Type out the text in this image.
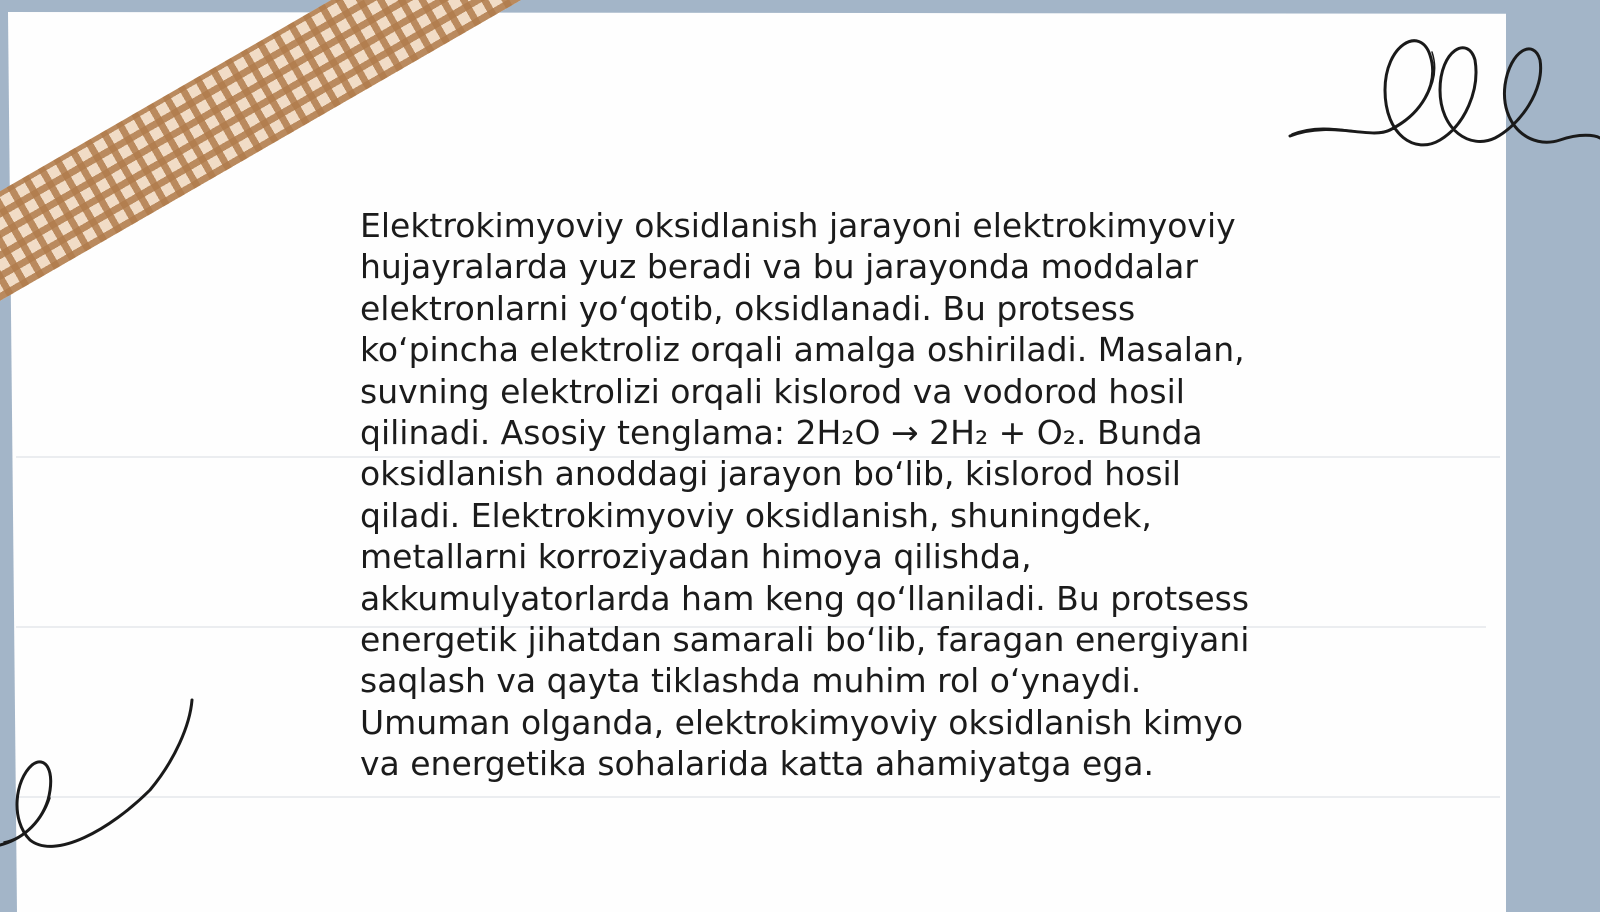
Elektrokimyoviy oksidlanish jarayoni elektrokimyoviy
hujayralarda yuz beradi va bu jarayonda moddalar
elektronlarni yo‘qotib, oksidlanadi. Bu protsess
ko‘pincha elektroliz orqali amalga oshiriladi. Masalan,
suvning elektrolizi orqali kislorod va vodorod hosil
qilinadi. Asosiy tenglama: 2H₂O → 2H₂ + O₂. Bunda
oksidlanish anoddagi jarayon bo‘lib, kislorod hosil
qiladi. Elektrokimyoviy oksidlanish, shuningdek,
metallarni korroziyadan himoya qilishda,
akkumulyatorlarda ham keng qo‘llaniladi. Bu protsess
energetik jihatdan samarali bo‘lib, faragan energiyani
saqlash va qayta tiklashda muhim rol o‘ynaydi.
Umuman olganda, elektrokimyoviy oksidlanish kimyo
va energetika sohalarida katta ahamiyatga ega.
